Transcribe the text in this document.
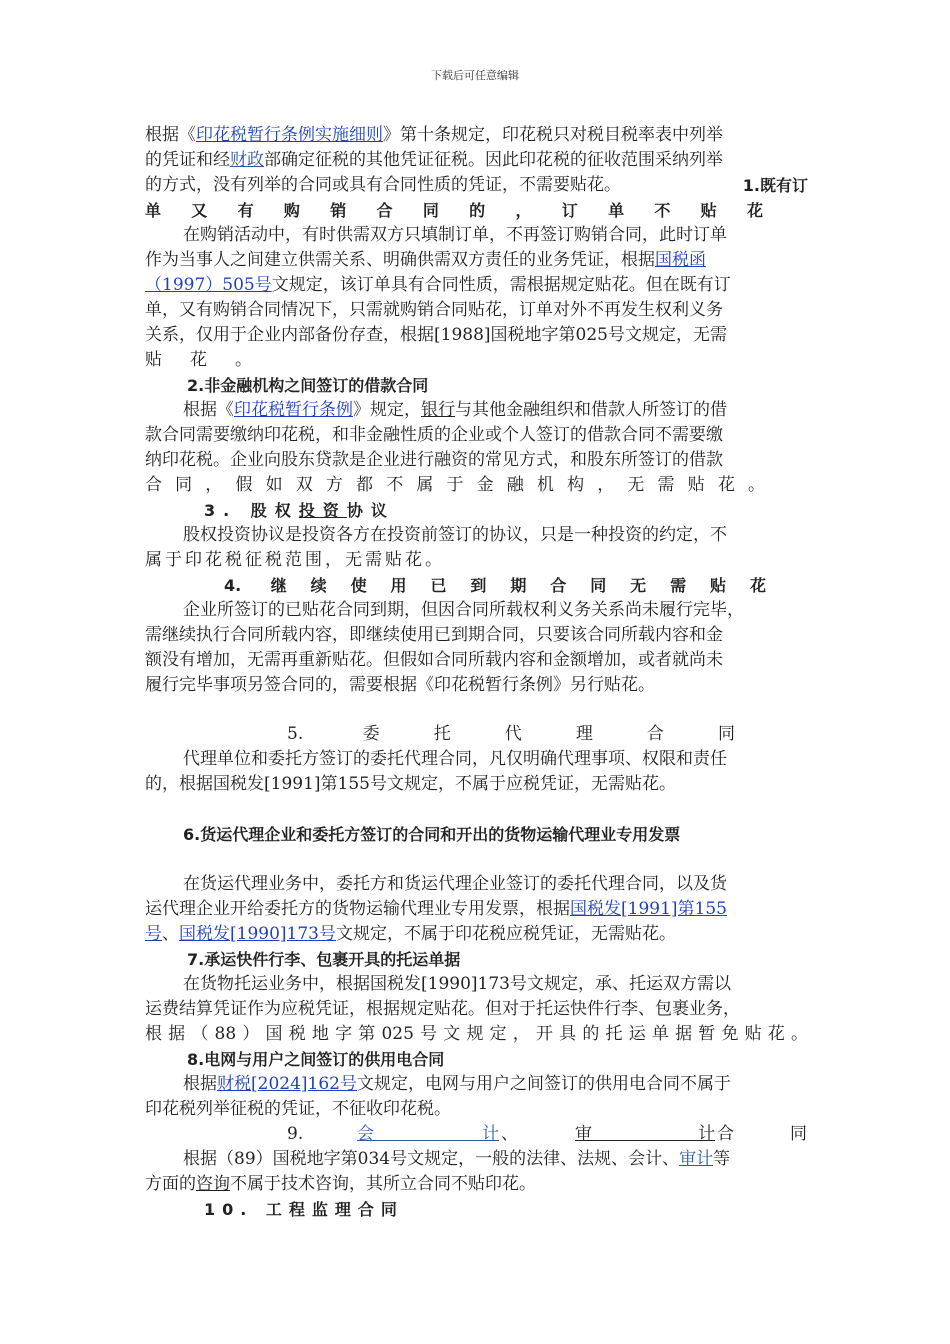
下载后可任意编辑
根据《印花税暂行条例实施细则》第十条规定，印花税只对税目税率表中列举
的凭证和经财政部确定征税的其他凭证征税。因此印花税的征收范围采纳列举
的方式，没有列举的合同或具有合同性质的凭证，不需要贴花。	1.既有订
单又有购销合同的，订单不贴花
在购销活动中，有时供需双方只填制订单，不再签订购销合同，此时订单
作为当事人之间建立供需关系、明确供需双方责任的业务凭证，根据国税函
（1997）505号文规定，该订单具有合同性质，需根据规定贴花。但在既有订
单，又有购销合同情况下，只需就购销合同贴花，订单对外不再发生权利义务
关系，仅用于企业内部备份存查，根据[1988]国税地字第025号文规定，无需
贴花。
2.非金融机构之间签订的借款合同
根据《印花税暂行条例》规定，银行与其他金融组织和借款人所签订的借
款合同需要缴纳印花税，和非金融性质的企业或个人签订的借款合同不需要缴
纳印花税。企业向股东贷款是企业进行融资的常见方式，和股东所签订的借款
合同，假如双方都不属于金融机构，无需贴花。
3. 股权投资协议
股权投资协议是投资各方在投资前签订的协议，只是一种投资的约定，不
属于印花税征税范围，无需贴花。
4. 继续使用已到期合同无需贴花
企业所签订的已贴花合同到期，但因合同所载权利义务关系尚未履行完毕，
需继续执行合同所载内容，即继续使用已到期合同，只要该合同所载内容和金
额没有增加，无需再重新贴花。但假如合同所载内容和金额增加，或者就尚未
履行完毕事项另签合同的，需要根据《印花税暂行条例》另行贴花。
5. 委托代理合同
代理单位和委托方签订的委托代理合同，凡仅明确代理事项、权限和责任
的，根据国税发[1991]第155号文规定，不属于应税凭证，无需贴花。
6.货运代理企业和委托方签订的合同和开出的货物运输代理业专用发票
在货运代理业务中，委托方和货运代理企业签订的委托代理合同，以及货
运代理企业开给委托方的货物运输代理业专用发票，根据国税发[1991]第155
号、国税发[1990]173号文规定，不属于印花税应税凭证，无需贴花。
7.承运快件行李、包裹开具的托运单据
在货物托运业务中，根据国税发[1990]173号文规定，承、托运双方需以
运费结算凭证作为应税凭证，根据规定贴花。但对于托运快件行李、包裹业务，
根据（88）国税地字第025号文规定，开具的托运单据暂免贴花。
8.电网与用户之间签订的供用电合同
根据财税[2024]162号文规定，电网与用户之间签订的供用电合同不属于
印花税列举征税的凭证，不征收印花税。
9.	会计 、	审计 合同
根据（89）国税地字第034号文规定，一般的法律、法规、会计、审计等
方面的咨询不属于技术咨询，其所立合同不贴印花。
10. 工程监理合同
